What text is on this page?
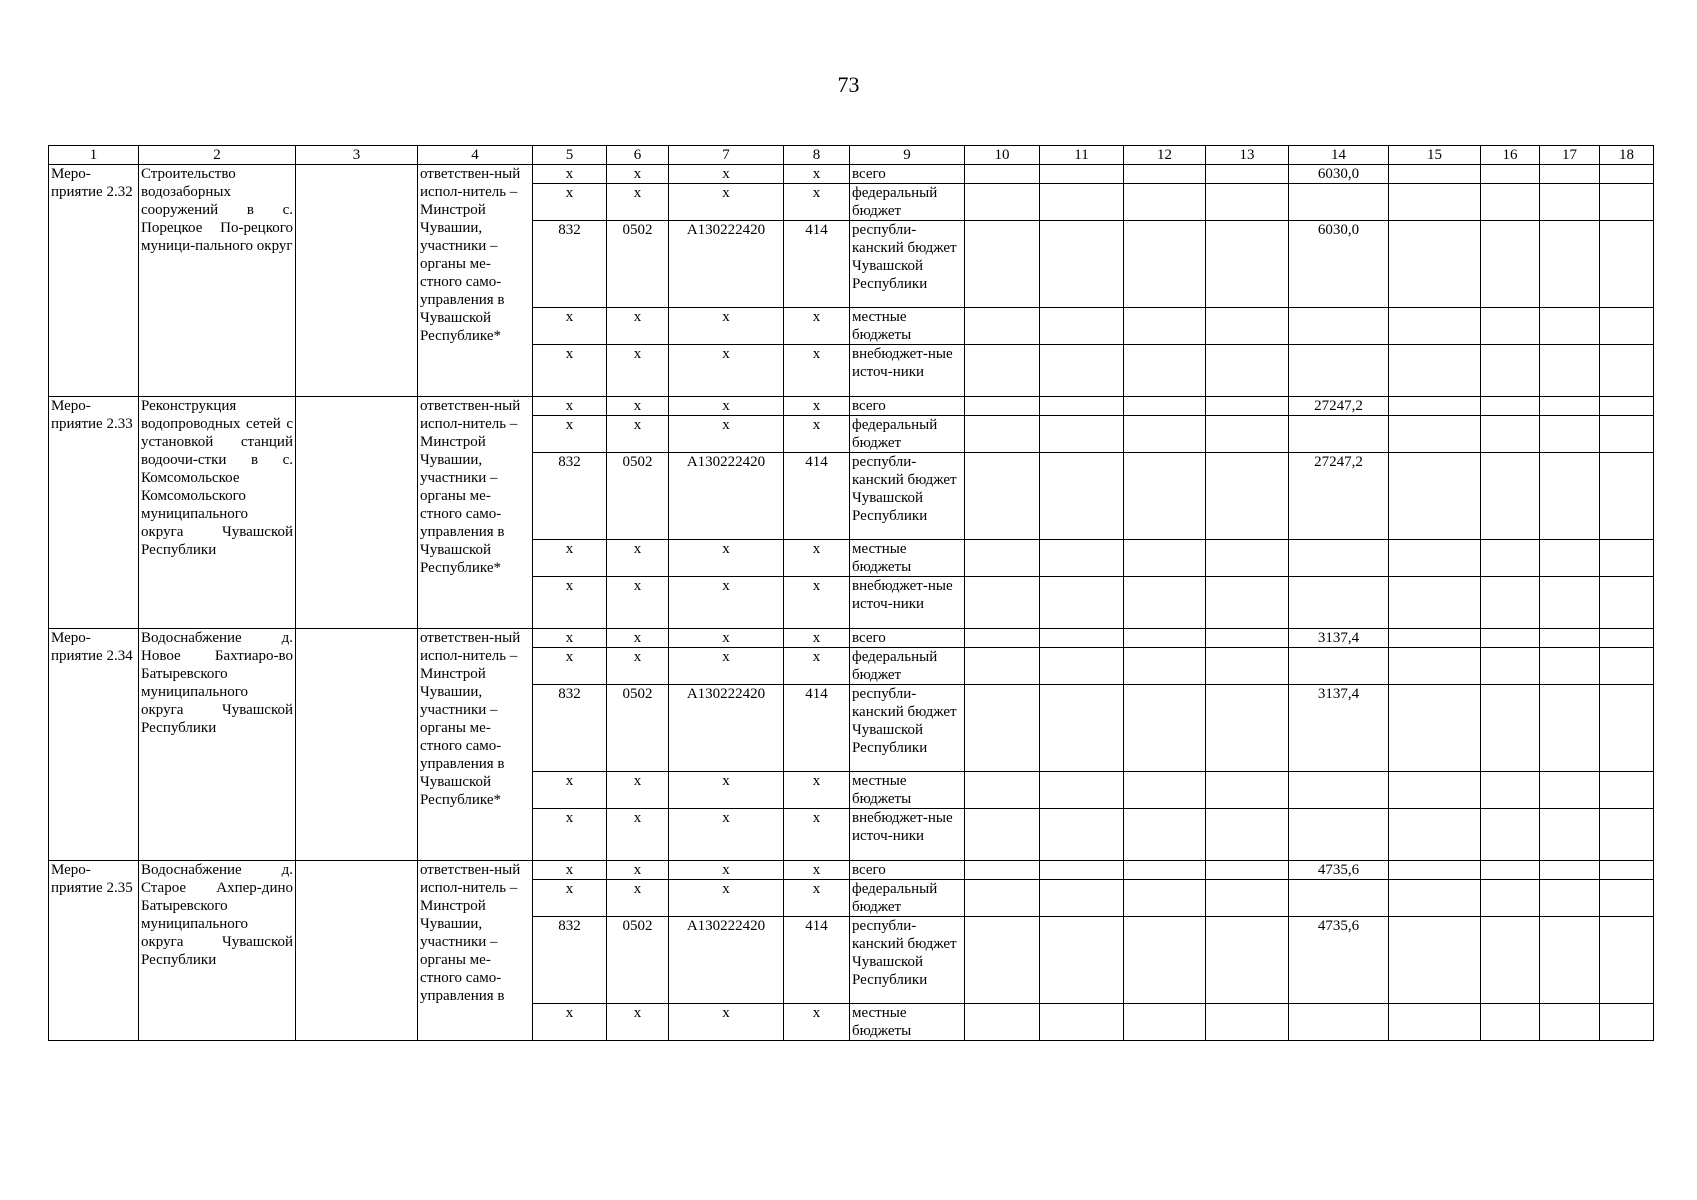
73
1	2	3	4	5	6	7	8	9	10	11	12	13	14	15	16	17	18
Меро-приятие 2.32	Строительство водозаборных сооружений в с. Порецкое По-рецкого муници-пального округ		ответствен-ный испол-нитель – Минстрой Чувашии, участники – органы ме-стного само-управления в Чувашской Республике*	x	x	x	x	всего					6030,0				
				x	x	x	x	федеральный бюджет									
				832	0502	A130222420	414	республи-канский бюджет Чувашской Республики					6030,0				
				x	x	x	x	местные бюджеты									
				x	x	x	x	внебюджет-ные источ-ники									
Меро-приятие 2.33	Реконструкция водопроводных сетей с установкой станций водоочи-стки в с. Комсомольское Комсомольского муниципального округа Чувашской Республики		ответствен-ный испол-нитель – Минстрой Чувашии, участники – органы ме-стного само-управления в Чувашской Республике*	x	x	x	x	всего					27247,2				
				x	x	x	x	федеральный бюджет									
				832	0502	A130222420	414	республи-канский бюджет Чувашской Республики					27247,2				
				x	x	x	x	местные бюджеты									
				x	x	x	x	внебюджет-ные источ-ники									
Меро-приятие 2.34	Водоснабжение д. Новое Бахтиаро-во Батыревского муниципального округа Чувашской Республики		ответствен-ный испол-нитель – Минстрой Чувашии, участники – органы ме-стного само-управления в Чувашской Республике*	x	x	x	x	всего					3137,4				
				x	x	x	x	федеральный бюджет									
				832	0502	A130222420	414	республи-канский бюджет Чувашской Республики					3137,4				
				x	x	x	x	местные бюджеты									
				x	x	x	x	внебюджет-ные источ-ники									
Меро-приятие 2.35	Водоснабжение д. Старое Ахпер-дино Батыревского муниципального округа Чувашской Республики		ответствен-ный испол-нитель – Минстрой Чувашии, участники – органы ме-стного само-управления в	x	x	x	x	всего					4735,6				
				x	x	x	x	федеральный бюджет									
				832	0502	A130222420	414	республи-канский бюджет Чувашской Республики					4735,6				
				x	x	x	x	местные бюджеты									
